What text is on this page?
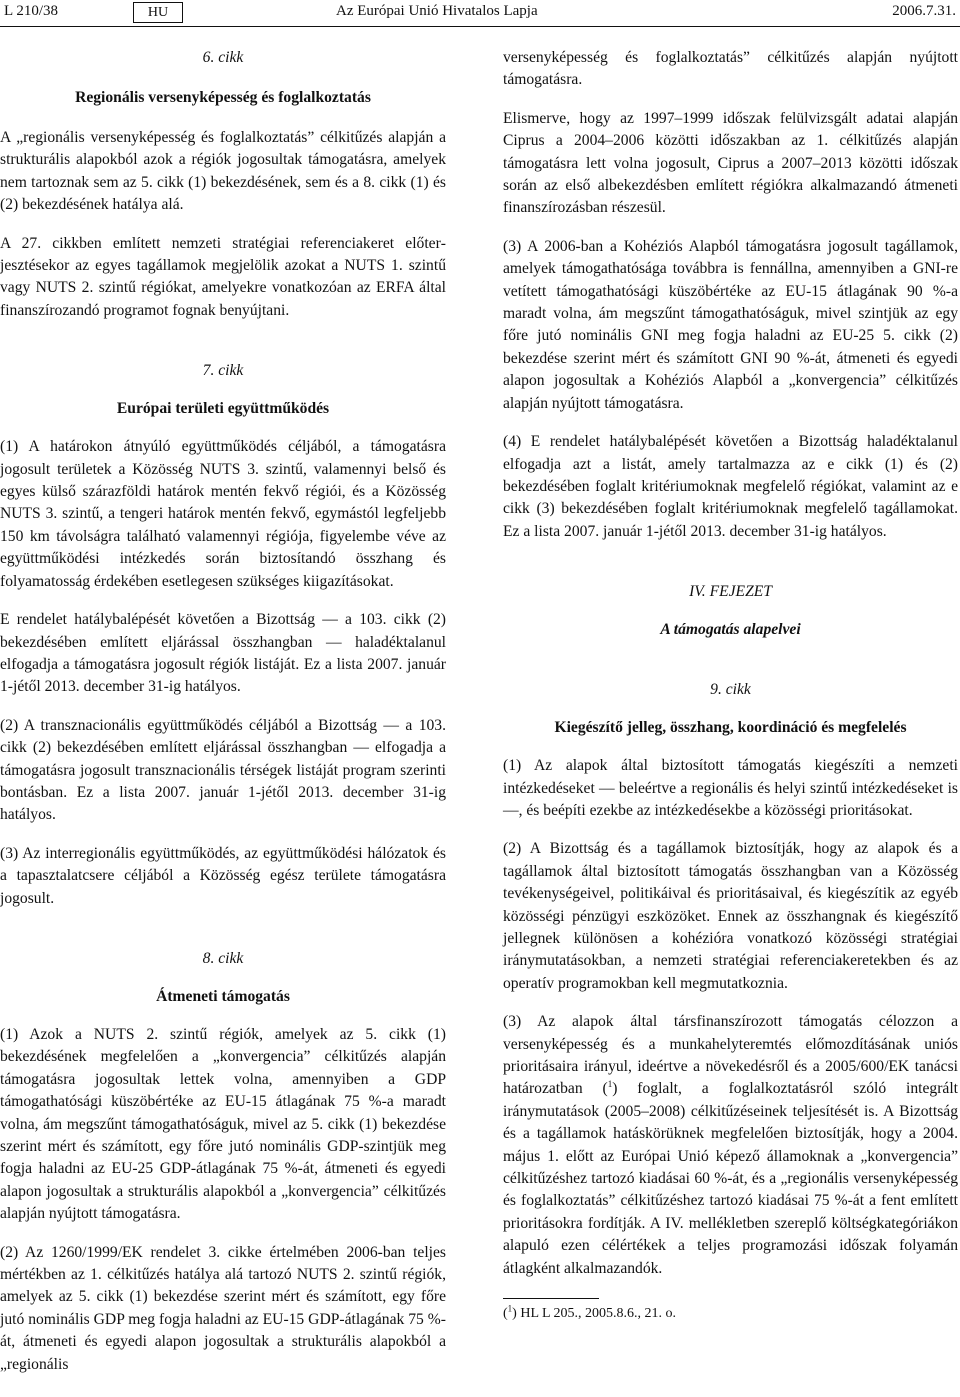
L 210/38	HU	Az Európai Unió Hivatalos Lapja	2006.7.31.

6. cikk

Regionális versenyképesség és foglalkoztatás

A „regionális versenyképesség és foglalkoztatás” célkitűzés alapján a strukturális alapokból azok a régiók jogosultak támogatásra, amelyek nem tartoznak sem az 5. cikk (1) bekezdésének, sem és a 8. cikk (1) és (2) bekezdésének hatálya alá.

A 27. cikkben említett nemzeti stratégiai referenciakeret előterjesztésekor az egyes tagállamok megjelölik azokat a NUTS 1. szintű vagy NUTS 2. szintű régiókat, amelyekre vonatkozóan az ERFA által finanszírozandó programot fognak benyújtani.

7. cikk

Európai területi együttműködés

(1) A határokon átnyúló együttműködés céljából, a támogatásra jogosult területek a Közösség NUTS 3. szintű, valamennyi belső és egyes külső szárazföldi határok mentén fekvő régiói, és a Közösség NUTS 3. szintű, a tengeri határok mentén fekvő, egymástól legfeljebb 150 km távolságra található valamennyi régiója, figyelembe véve az együttműködési intézkedés során biztosítandó összhang és folyamatosság érdekében esetlegesen szükséges kiigazításokat.

E rendelet hatálybalépését követően a Bizottság — a 103. cikk (2) bekezdésében említett eljárással összhangban — haladéktalanul elfogadja a támogatásra jogosult régiók listáját. Ez a lista 2007. január 1-jétől 2013. december 31-ig hatályos.

(2) A transznacionális együttműködés céljából a Bizottság — a 103. cikk (2) bekezdésében említett eljárással összhangban — elfogadja a támogatásra jogosult transznacionális térségek listáját program szerinti bontásban. Ez a lista 2007. január 1-jétől 2013. december 31-ig hatályos.

(3) Az interregionális együttműködés, az együttműködési hálózatok és a tapasztalatcsere céljából a Közösség egész területe támogatásra jogosult.

8. cikk

Átmeneti támogatás

(1) Azok a NUTS 2. szintű régiók, amelyek az 5. cikk (1) bekezdésének megfelelően a „konvergencia” célkitűzés alapján támogatásra jogosultak lettek volna, amennyiben a GDP támogathatósági küszöbértéke az EU-15 átlagának 75 %-a maradt volna, ám megszűnt támogathatóságuk, mivel az 5. cikk (1) bekezdése szerint mért és számított, egy főre jutó nominális GDP-szintjük meg fogja haladni az EU-25 GDP-átlagának 75 %-át, átmeneti és egyedi alapon jogosultak a strukturális alapokból a „konvergencia” célkitűzés alapján nyújtott támogatásra.

(2) Az 1260/1999/EK rendelet 3. cikke értelmében 2006-ban teljes mértékben az 1. célkitűzés hatálya alá tartozó NUTS 2. szintű régiók, amelyek az 5. cikk (1) bekezdése szerint mért és számított, egy főre jutó nominális GDP meg fogja haladni az EU-15 GDP-átlagának 75 %-át, átmeneti és egyedi alapon jogosultak a strukturális alapokból a „regionális

versenyképesség és foglalkoztatás” célkitűzés alapján nyújtott támogatásra.

Elismerve, hogy az 1997–1999 időszak felülvizsgált adatai alapján Ciprus a 2004–2006 közötti időszakban az 1. célkitűzés alapján támogatásra lett volna jogosult, Ciprus a 2007–2013 közötti időszak során az első albekezdésben említett régiókra alkalmazandó átmeneti finanszírozásban részesül.

(3) A 2006-ban a Kohéziós Alapból támogatásra jogosult tagállamok, amelyek támogathatósága továbbra is fennállna, amennyiben a GNI-re vetített támogathatósági küszöbértéke az EU-15 átlagának 90 %-a maradt volna, ám megszűnt támogathatóságuk, mivel szintjük az egy főre jutó nominális GNI meg fogja haladni az EU-25 5. cikk (2) bekezdése szerint mért és számított GNI 90 %-át, átmeneti és egyedi alapon jogosultak a Kohéziós Alapból a „konvergencia” célkitűzés alapján nyújtott támogatásra.

(4) E rendelet hatálybalépését követően a Bizottság haladéktalanul elfogadja azt a listát, amely tartalmazza az e cikk (1) és (2) bekezdésében foglalt kritériumoknak megfelelő régiókat, valamint az e cikk (3) bekezdésében foglalt kritériumoknak megfelelő tagállamokat. Ez a lista 2007. január 1-jétől 2013. december 31-ig hatályos.

IV. FEJEZET

A támogatás alapelvei

9. cikk

Kiegészítő jelleg, összhang, koordináció és megfelelés

(1) Az alapok által biztosított támogatás kiegészíti a nemzeti intézkedéseket — beleértve a regionális és helyi szintű intézkedéseket is —, és beépíti ezekbe az intézkedésekbe a közösségi prioritásokat.

(2) A Bizottság és a tagállamok biztosítják, hogy az alapok és a tagállamok által biztosított támogatás összhangban van a Közösség tevékenységeivel, politikáival és prioritásaival, és kiegészítik az egyéb közösségi pénzügyi eszközöket. Ennek az összhangnak és kiegészítő jellegnek különösen a kohézióra vonatkozó közösségi stratégiai iránymutatásokban, a nemzeti stratégiai referenciakeretekben és az operatív programokban kell megmutatkoznia.

(3) Az alapok által társfinanszírozott támogatás célozzon a versenyképesség és a munkahelyteremtés előmozdításának uniós prioritásaira irányul, ideértve a növekedésről és a 2005/600/EK tanácsi határozatban ($^1$) foglalt, a foglalkoztatásról szóló integrált iránymutatások (2005–2008) célkitűzéseinek teljesítését is. A Bizottság és a tagállamok hatáskörüknek megfelelően biztosítják, hogy a 2004. május 1. előtt az Európai Unió képező államoknak a „konvergencia” célkitűzéshez tartozó kiadásai 60 %-át, és a „regionális versenyképesség és foglalkoztatás” célkitűzéshez tartozó kiadásai 75 %-át a fent említett prioritásokra fordítják. A IV. mellékletben szereplő költségkategóriákon alapuló ezen célértékek a teljes programozási időszak folyamán átlagként alkalmazandók.

($^1$) HL L 205., 2005.8.6., 21. o.
